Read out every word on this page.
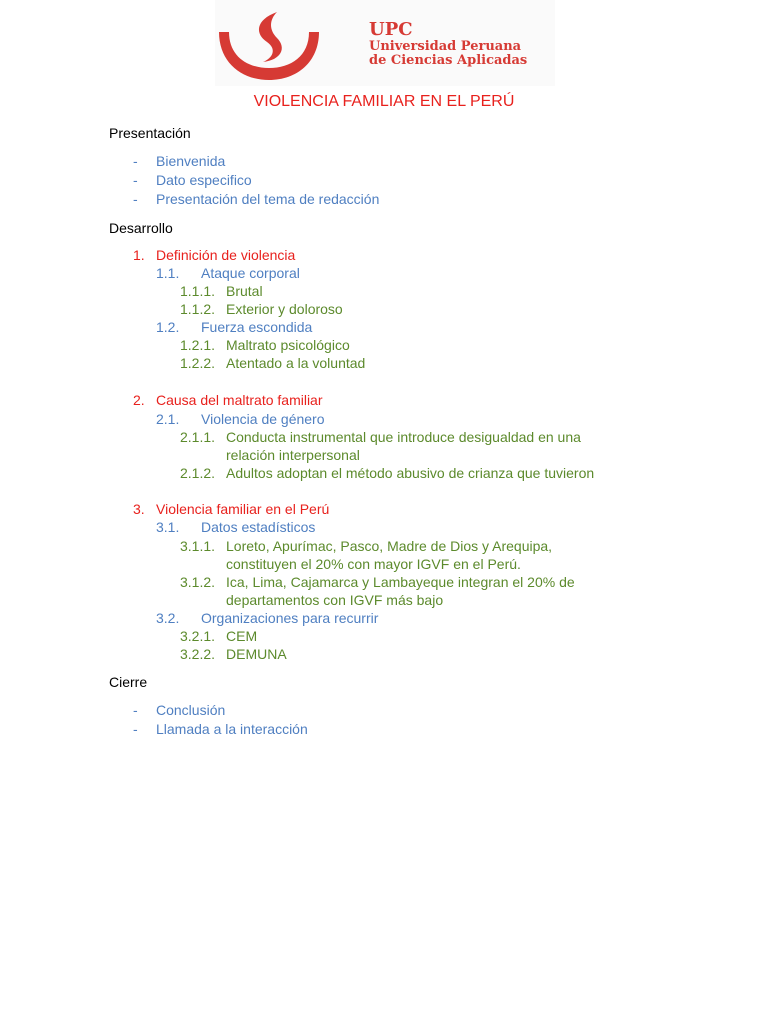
UPC
Universidad Peruana
de Ciencias Aplicadas
VIOLENCIA FAMILIAR EN EL PERÚ
Presentación
- Bienvenida
- Dato especifico
- Presentación del tema de redacción
Desarrollo
1. Definición de violencia
1.1. Ataque corporal
1.1.1. Brutal
1.1.2. Exterior y doloroso
1.2. Fuerza escondida
1.2.1. Maltrato psicológico
1.2.2. Atentado a la voluntad
2. Causa del maltrato familiar
2.1. Violencia de género
2.1.1. Conducta instrumental que introduce desigualdad en una
relación interpersonal
2.1.2. Adultos adoptan el método abusivo de crianza que tuvieron
3. Violencia familiar en el Perú
3.1. Datos estadísticos
3.1.1. Loreto, Apurímac, Pasco, Madre de Dios y Arequipa,
constituyen el 20% con mayor IGVF en el Perú.
3.1.2. Ica, Lima, Cajamarca y Lambayeque integran el 20% de
departamentos con IGVF más bajo
3.2. Organizaciones para recurrir
3.2.1. CEM
3.2.2. DEMUNA
Cierre
- Conclusión
- Llamada a la interacción
